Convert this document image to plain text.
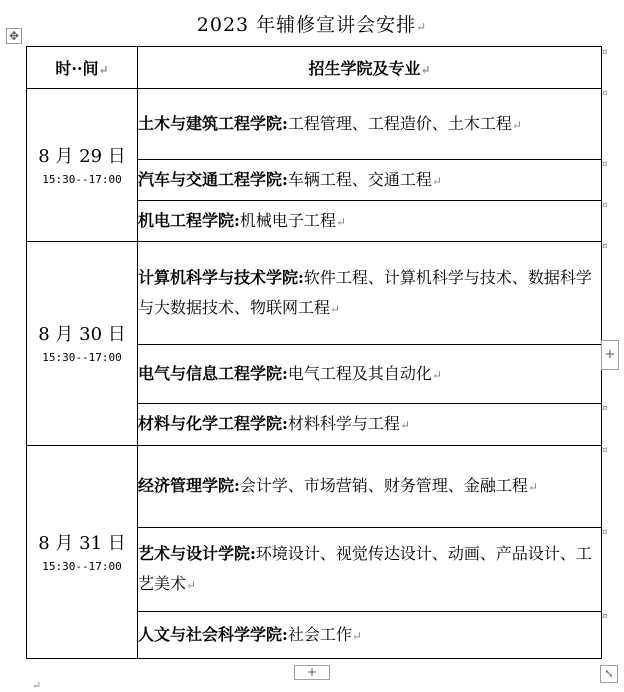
2023 年辅修宣讲会安排↵
✥
时··间↵	招生学院及专业↵

8 月 29 日
15:30--17:00	土木与建筑工程学院:工程管理、工程造价、土木工程↵
	汽车与交通工程学院:车辆工程、交通工程↵
	机电工程学院:机械电子工程↵

8 月 30 日
15:30--17:00	计算机科学与技术学院:软件工程、计算机科学与技术、数据科学与大数据技术、物联网工程↵
	电气与信息工程学院:电气工程及其自动化↵
	材料与化学工程学院:材料科学与工程↵

8 月 31 日
15:30--17:00	经济管理学院:会计学、市场营销、财务管理、金融工程↵
	艺术与设计学院:环境设计、视觉传达设计、动画、产品设计、工艺美术↵
	人文与社会科学学院:社会工作↵
¤
¤
¤
¤
¤
¤
¤
¤
¤
+
+	⤡
↵
